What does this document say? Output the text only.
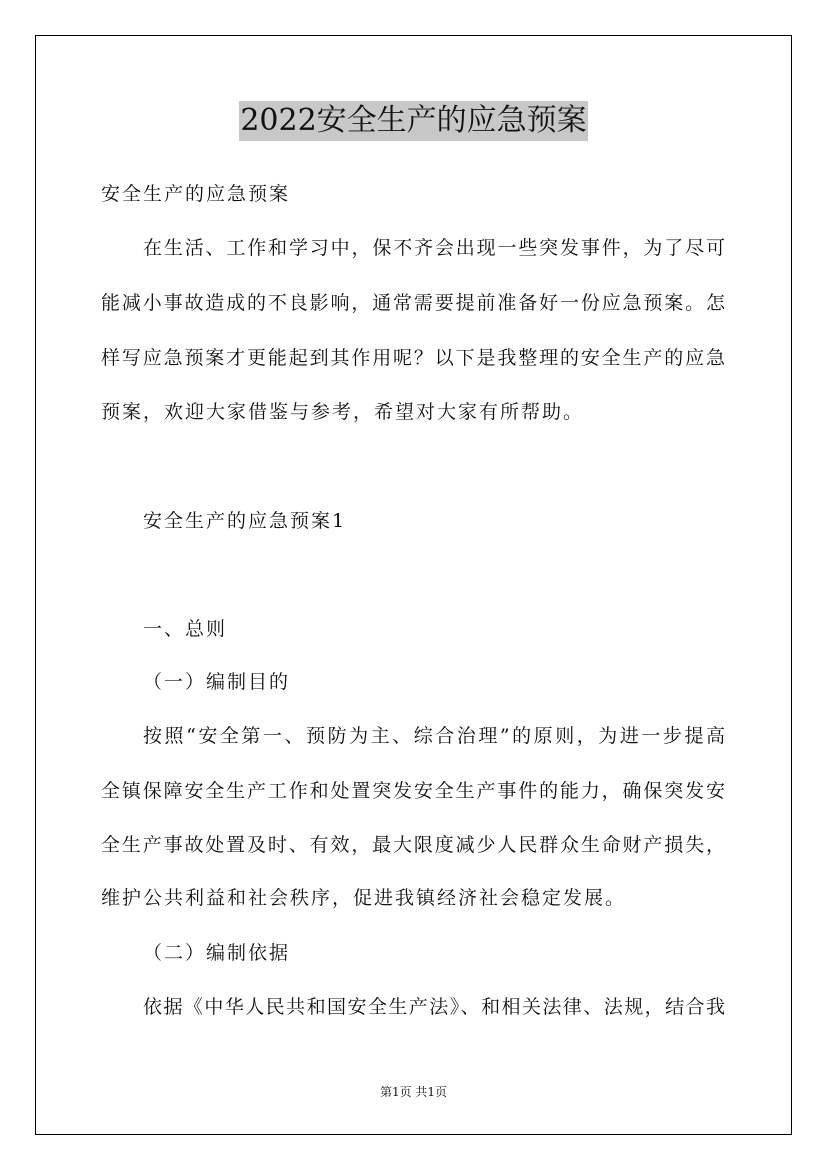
2022安全生产的应急预案
安全生产的应急预案
在生活、工作和学习中，保不齐会出现一些突发事件，为了尽可
能减小事故造成的不良影响，通常需要提前准备好一份应急预案。怎
样写应急预案才更能起到其作用呢？以下是我整理的安全生产的应急
预案，欢迎大家借鉴与参考，希望对大家有所帮助。
安全生产的应急预案1
一、总则
（一）编制目的
按照“安全第一、预防为主、综合治理”的原则，为进一步提高
全镇保障安全生产工作和处置突发安全生产事件的能力，确保突发安
全生产事故处置及时、有效，最大限度减少人民群众生命财产损失，
维护公共利益和社会秩序，促进我镇经济社会稳定发展。
（二）编制依据
依据《中华人民共和国安全生产法》、和相关法律、法规，结合我
第1页 共1页
